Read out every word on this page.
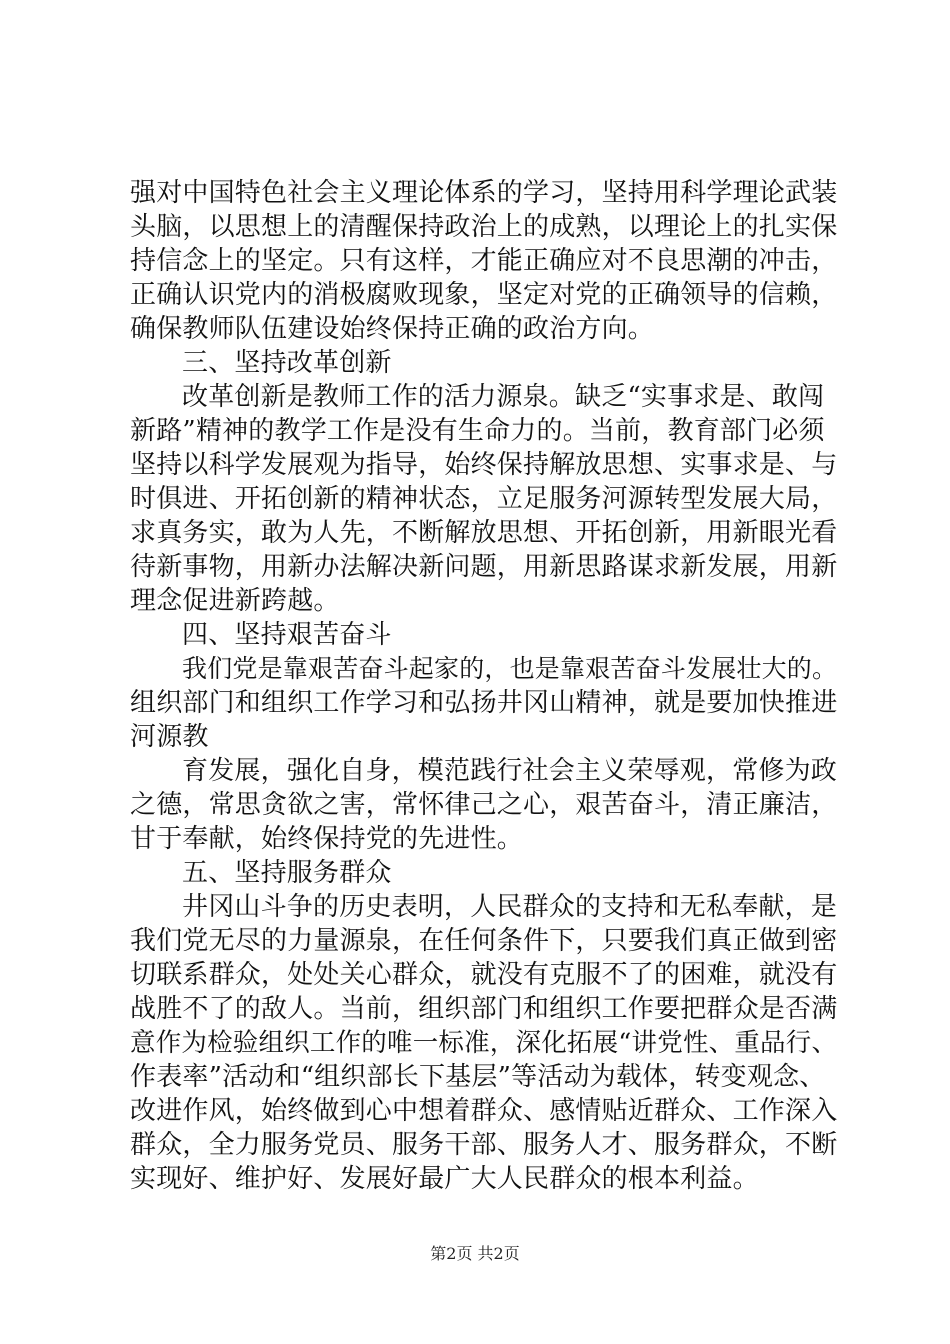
强对中国特色社会主义理论体系的学习，坚持用科学理论武装
头脑，以思想上的清醒保持政治上的成熟，以理论上的扎实保
持信念上的坚定。只有这样，才能正确应对不良思潮的冲击，
正确认识党内的消极腐败现象，坚定对党的正确领导的信赖，
确保教师队伍建设始终保持正确的政治方向。
三、坚持改革创新
改革创新是教师工作的活力源泉。缺乏“实事求是、敢闯
新路”精神的教学工作是没有生命力的。当前，教育部门必须
坚持以科学发展观为指导，始终保持解放思想、实事求是、与
时俱进、开拓创新的精神状态，立足服务河源转型发展大局，
求真务实，敢为人先，不断解放思想、开拓创新，用新眼光看
待新事物，用新办法解决新问题，用新思路谋求新发展，用新
理念促进新跨越。
四、坚持艰苦奋斗
我们党是靠艰苦奋斗起家的，也是靠艰苦奋斗发展壮大的。
组织部门和组织工作学习和弘扬井冈山精神，就是要加快推进
河源教
育发展，强化自身，模范践行社会主义荣辱观，常修为政
之德，常思贪欲之害，常怀律己之心，艰苦奋斗，清正廉洁，
甘于奉献，始终保持党的先进性。
五、坚持服务群众
井冈山斗争的历史表明，人民群众的支持和无私奉献，是
我们党无尽的力量源泉，在任何条件下，只要我们真正做到密
切联系群众，处处关心群众，就没有克服不了的困难，就没有
战胜不了的敌人。当前，组织部门和组织工作要把群众是否满
意作为检验组织工作的唯一标准，深化拓展“讲党性、重品行、
作表率”活动和“组织部长下基层”等活动为载体，转变观念、
改进作风，始终做到心中想着群众、感情贴近群众、工作深入
群众，全力服务党员、服务干部、服务人才、服务群众，不断
实现好、维护好、发展好最广大人民群众的根本利益。
第2页 共2页
